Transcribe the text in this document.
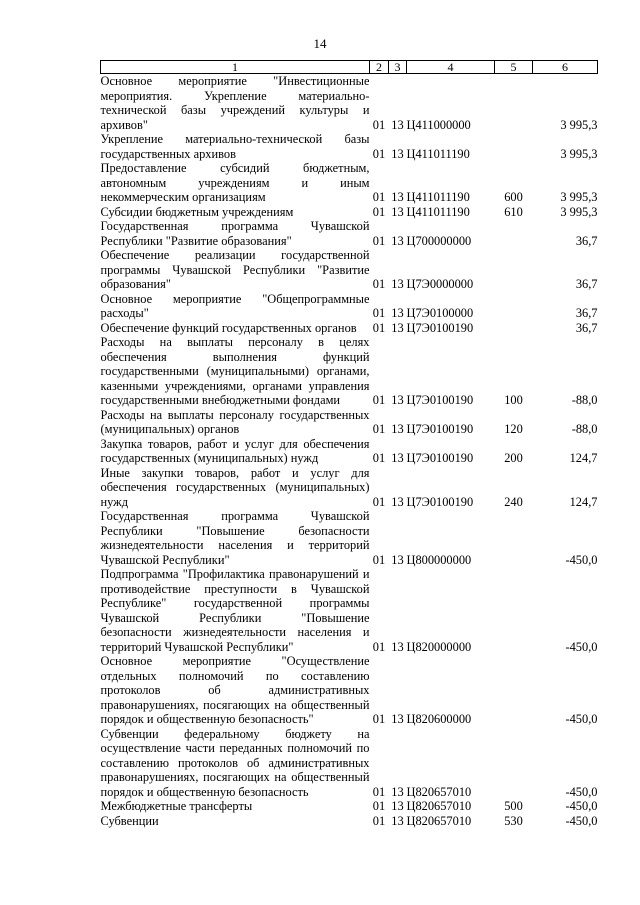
14
1	2	3	4	5	6
Основное мероприятие "Инвестиционные мероприятия. Укрепление материально-технической базы учреждений культуры и архивов"	01	13	Ц411000000		3 995,3
Укрепление материально-технической базы государственных архивов	01	13	Ц411011190		3 995,3
Предоставление субсидий бюджетным, автономным учреждениям и иным некоммерческим организациям	01	13	Ц411011190	600	3 995,3
Субсидии бюджетным учреждениям	01	13	Ц411011190	610	3 995,3
Государственная программа Чувашской Республики "Развитие образования"	01	13	Ц700000000		36,7
Обеспечение реализации государственной программы Чувашской Республики "Развитие образования"	01	13	Ц7Э0000000		36,7
Основное мероприятие "Общепрограммные расходы"	01	13	Ц7Э0100000		36,7
Обеспечение функций государственных органов	01	13	Ц7Э0100190		36,7
Расходы на выплаты персоналу в целях обеспечения выполнения функций государственными (муниципальными) органами, казенными учреждениями, органами управления государственными внебюджетными фондами	01	13	Ц7Э0100190	100	-88,0
Расходы на выплаты персоналу государственных (муниципальных) органов	01	13	Ц7Э0100190	120	-88,0
Закупка товаров, работ и услуг для обеспечения государственных (муниципальных) нужд	01	13	Ц7Э0100190	200	124,7
Иные закупки товаров, работ и услуг для обеспечения государственных (муниципальных) нужд	01	13	Ц7Э0100190	240	124,7
Государственная программа Чувашской Республики "Повышение безопасности жизнедеятельности населения и территорий Чувашской Республики"	01	13	Ц800000000		-450,0
Подпрограмма "Профилактика правонарушений и противодействие преступности в Чувашской Республике" государственной программы Чувашской Республики "Повышение безопасности жизнедеятельности населения и территорий Чувашской Республики"	01	13	Ц820000000		-450,0
Основное мероприятие "Осуществление отдельных полномочий по составлению протоколов об административных правонарушениях, посягающих на общественный порядок и общественную безопасность"	01	13	Ц820600000		-450,0
Субвенции федеральному бюджету на осуществление части переданных полномочий по составлению протоколов об административных правонарушениях, посягающих на общественный порядок и общественную безопасность	01	13	Ц820657010		-450,0
Межбюджетные трансферты	01	13	Ц820657010	500	-450,0
Субвенции	01	13	Ц820657010	530	-450,0
